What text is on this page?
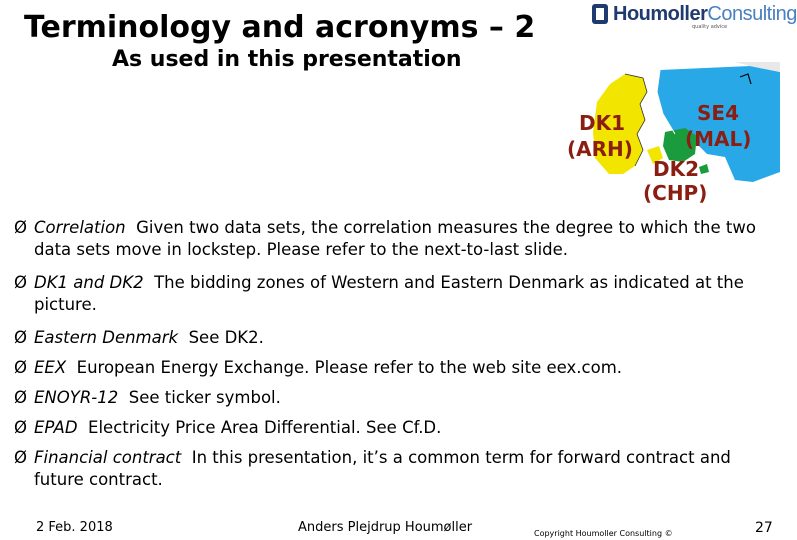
Terminology and acronyms – 2
As used in this presentation
HoumollerConsulting
quality advice
SE4
(MAL)
DK1
(ARH)
DK2
(CHP)
Ø Correlation Given two data sets, the correlation measures the degree to which the two data sets move in lockstep. Please refer to the next-to-last slide.
Ø DK1 and DK2 The bidding zones of Western and Eastern Denmark as indicated at the picture.
Ø Eastern Denmark See DK2.
Ø EEX European Energy Exchange. Please refer to the web site eex.com.
Ø ENOYR-12 See ticker symbol.
Ø EPAD Electricity Price Area Differential. See Cf.D.
Ø Financial contract In this presentation, it’s a common term for forward contract and future contract.
2 Feb. 2018	Anders Plejdrup Houmøller	Copyright Houmoller Consulting ©	27
